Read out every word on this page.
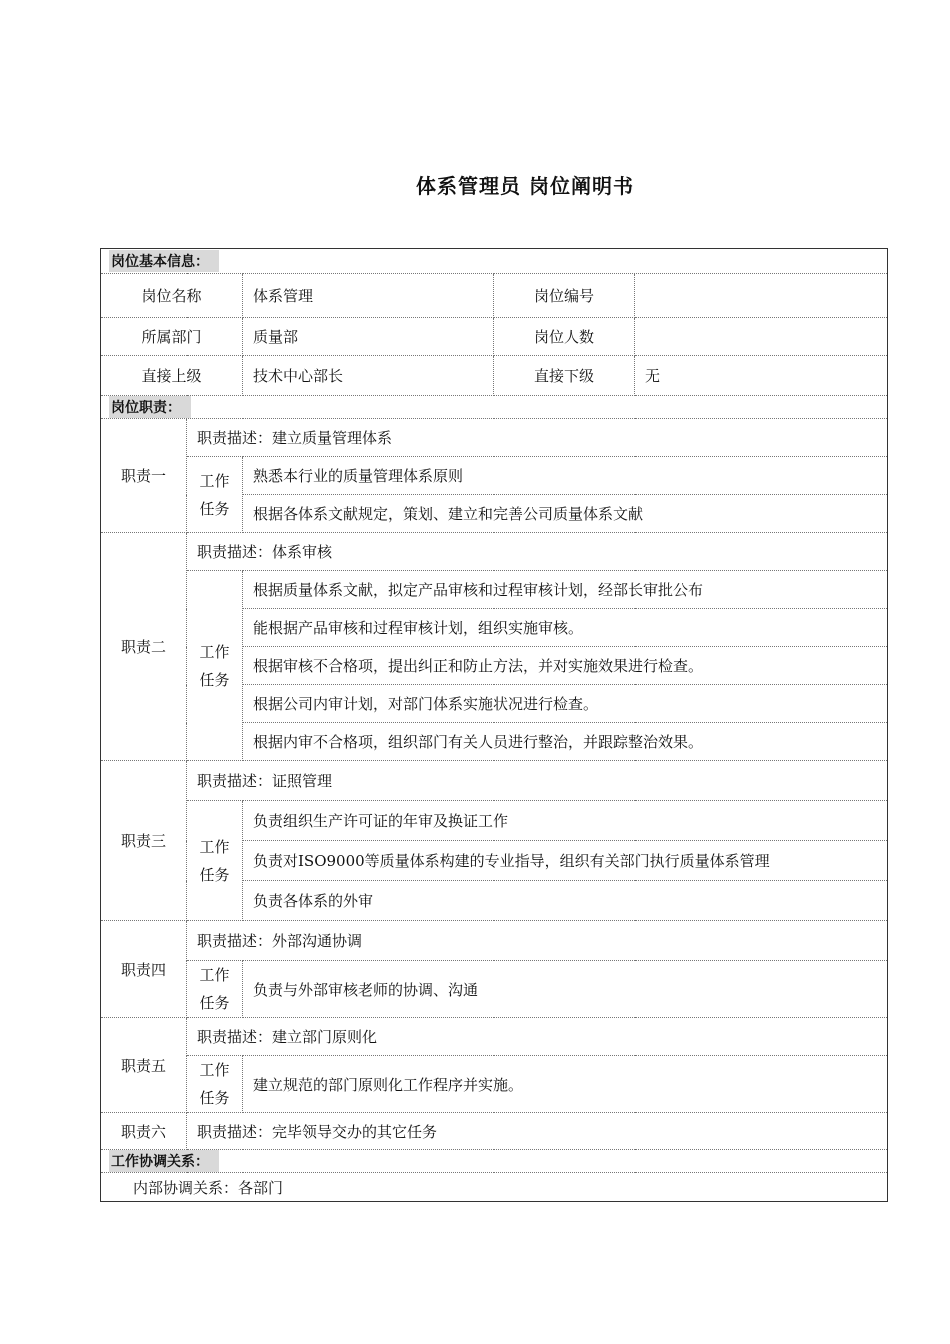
体系管理员 岗位阐明书
岗位基本信息：				
岗位名称		体系管理	岗位编号	
所属部门		质量部	岗位人数	
直接上级		技术中心部长	直接下级	无
岗位职责：				
职责一	职责描述：建立质量管理体系			
	工作
任务	熟悉本行业的质量管理体系原则		
		根据各体系文献规定，策划、建立和完善公司质量体系文献		
职责二	职责描述：体系审核			
	工作
任务	根据质量体系文献，拟定产品审核和过程审核计划，经部长审批公布		
		能根据产品审核和过程审核计划，组织实施审核。		
		根据审核不合格项，提出纠正和防止方法，并对实施效果进行检查。		
		根据公司内审计划，对部门体系实施状况进行检查。		
		根据内审不合格项，组织部门有关人员进行整治，并跟踪整治效果。		
职责三	职责描述：证照管理			
	工作
任务	负责组织生产许可证的年审及换证工作		
		负责对ISO9000等质量体系构建的专业指导，组织有关部门执行质量体系管理		
		负责各体系的外审		
职责四	职责描述：外部沟通协调			
	工作
任务	负责与外部审核老师的协调、沟通		
职责五	职责描述：建立部门原则化			
	工作
任务	建立规范的部门原则化工作程序并实施。		
职责六	职责描述：完毕领导交办的其它任务			
工作协调关系：				
内部协调关系：各部门				
